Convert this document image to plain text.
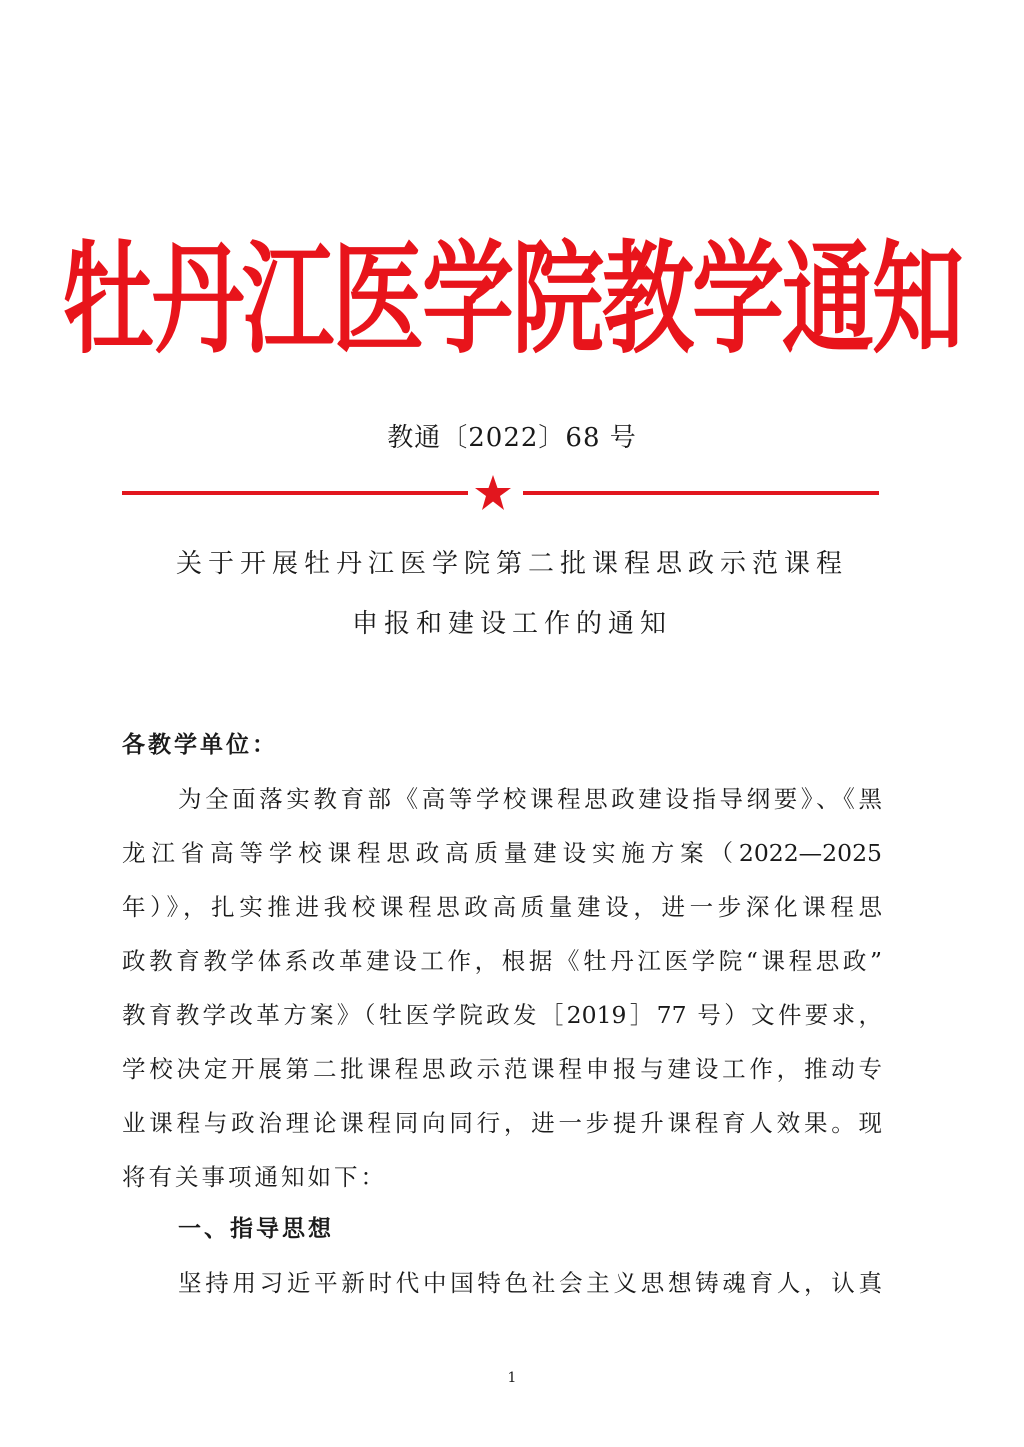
牡丹江医学院教学通知
教通〔2022〕68 号
关于开展牡丹江医学院第二批课程思政示范课程
申报和建设工作的通知
各教学单位：
为全面落实教育部《高等学校课程思政建设指导纲要》、《黑
龙江省高等学校课程思政高质量建设实施方案（2022—2025
年）》，扎实推进我校课程思政高质量建设，进一步深化课程思
政教育教学体系改革建设工作，根据《牡丹江医学院“课程思政”
教育教学改革方案》（牡医学院政发［2019］77 号）文件要求，
学校决定开展第二批课程思政示范课程申报与建设工作，推动专
业课程与政治理论课程同向同行，进一步提升课程育人效果。现
将有关事项通知如下：
一、指导思想
坚持用习近平新时代中国特色社会主义思想铸魂育人，认真
1
